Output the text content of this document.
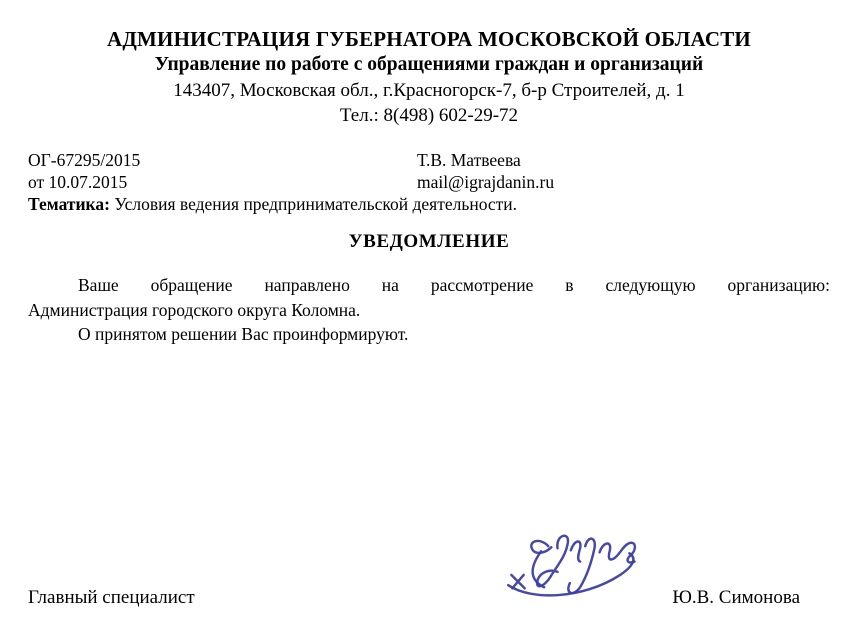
АДМИНИСТРАЦИЯ ГУБЕРНАТОРА МОСКОВСКОЙ ОБЛАСТИ
Управление по работе с обращениями граждан и организаций
143407, Московская обл., г.Красногорск-7, б-р Строителей, д. 1
Тел.: 8(498) 602-29-72
ОГ-67295/2015	Т.В. Матвеева
от 10.07.2015	mail@igrajdanin.ru
Тематика: Условия ведения предпринимательской деятельности.
УВЕДОМЛЕНИЕ

Ваше обращение направлено на рассмотрение в следующую организацию:

Администрация городского округа Коломна.

О принятом решении Вас проинформируют.

Главный специалист	Ю.В. Симонова
